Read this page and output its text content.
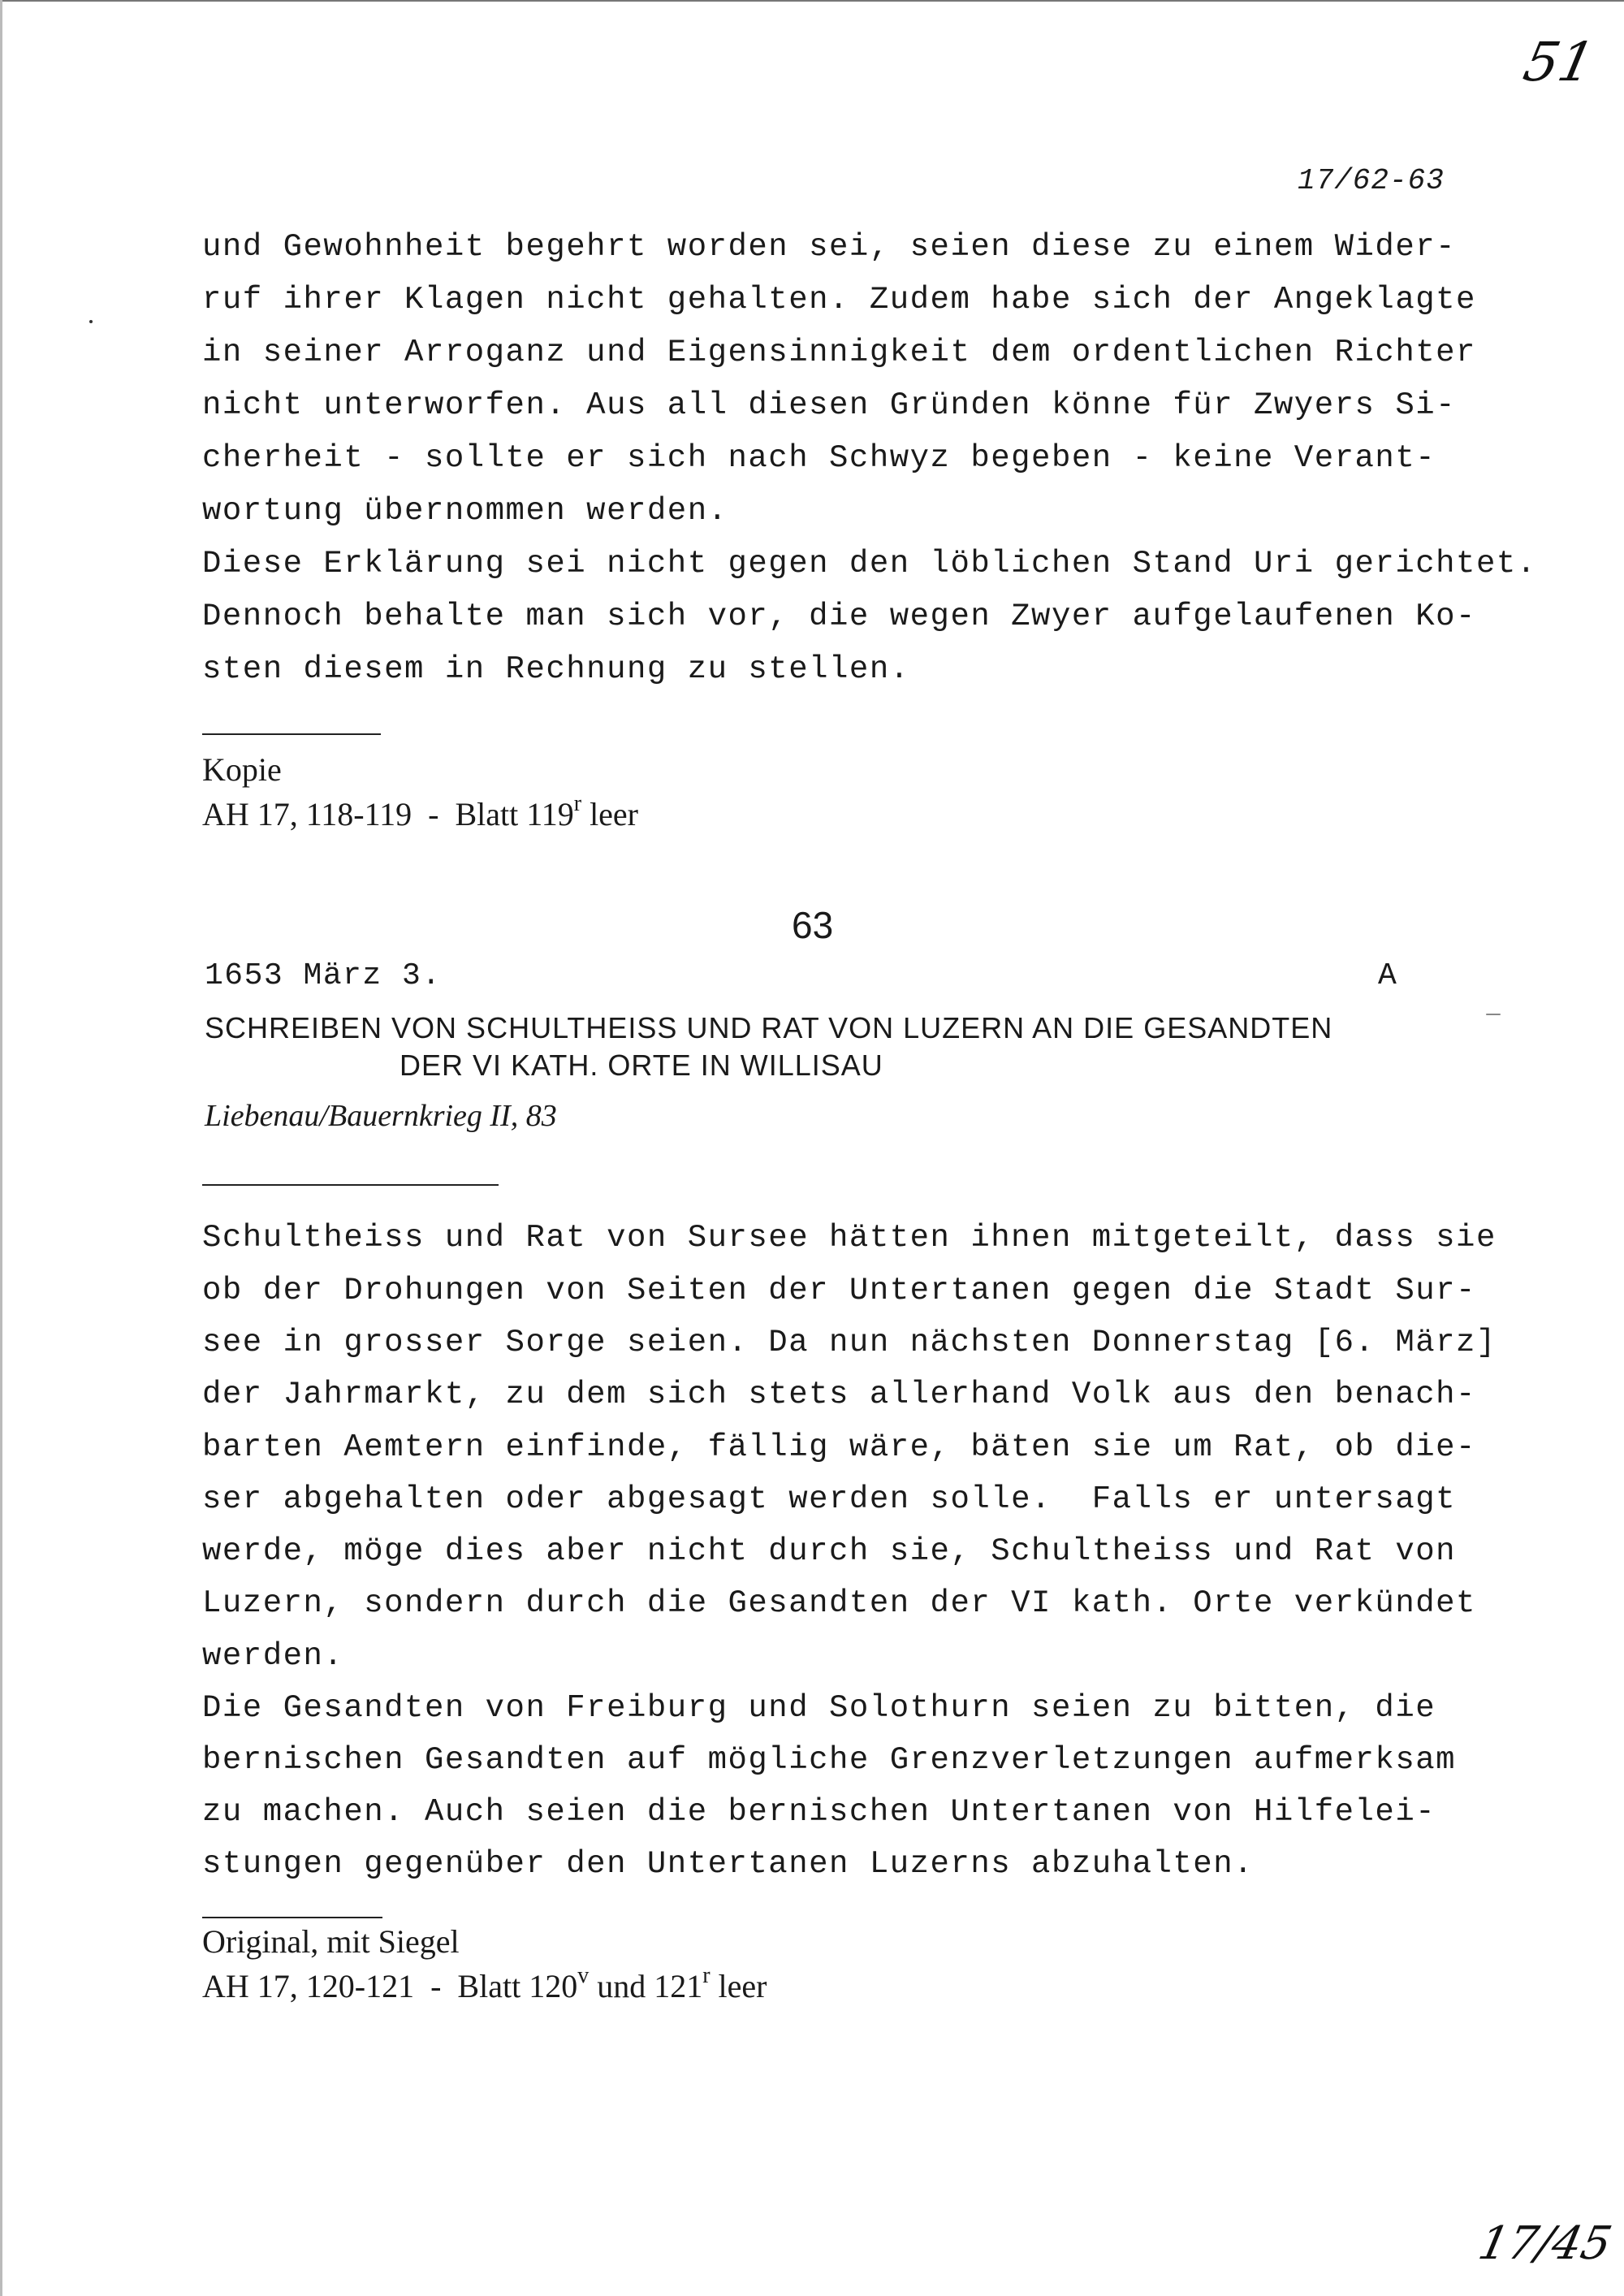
51
17/62-63
und Gewohnheit begehrt worden sei, seien diese zu einem Wider-
ruf ihrer Klagen nicht gehalten. Zudem habe sich der Angeklagte
in seiner Arroganz und Eigensinnigkeit dem ordentlichen Richter
nicht unterworfen. Aus all diesen Gründen könne für Zwyers Si-
cherheit - sollte er sich nach Schwyz begeben - keine Verant-
wortung übernommen werden.
Diese Erklärung sei nicht gegen den löblichen Stand Uri gerichtet.
Dennoch behalte man sich vor, die wegen Zwyer aufgelaufenen Ko-
sten diesem in Rechnung zu stellen.
Kopie
AH 17, 118-119  -  Blatt 119$^r$ leer
63
1653 März 3.	A
SCHREIBEN VON SCHULTHEISS UND RAT VON LUZERN AN DIE GESANDTEN
DER VI KATH. ORTE IN WILLISAU
Liebenau/Bauernkrieg II, 83
Schultheiss und Rat von Sursee hätten ihnen mitgeteilt, dass sie
ob der Drohungen von Seiten der Untertanen gegen die Stadt Sur-
see in grosser Sorge seien. Da nun nächsten Donnerstag [6. März]
der Jahrmarkt, zu dem sich stets allerhand Volk aus den benach-
barten Aemtern einfinde, fällig wäre, bäten sie um Rat, ob die-
ser abgehalten oder abgesagt werden solle.  Falls er untersagt
werde, möge dies aber nicht durch sie, Schultheiss und Rat von
Luzern, sondern durch die Gesandten der VI kath. Orte verkündet
werden.
Die Gesandten von Freiburg und Solothurn seien zu bitten, die
bernischen Gesandten auf mögliche Grenzverletzungen aufmerksam
zu machen. Auch seien die bernischen Untertanen von Hilfelei-
stungen gegenüber den Untertanen Luzerns abzuhalten.
Original, mit Siegel
AH 17, 120-121  -  Blatt 120$^v$ und 121$^r$ leer
17/45
